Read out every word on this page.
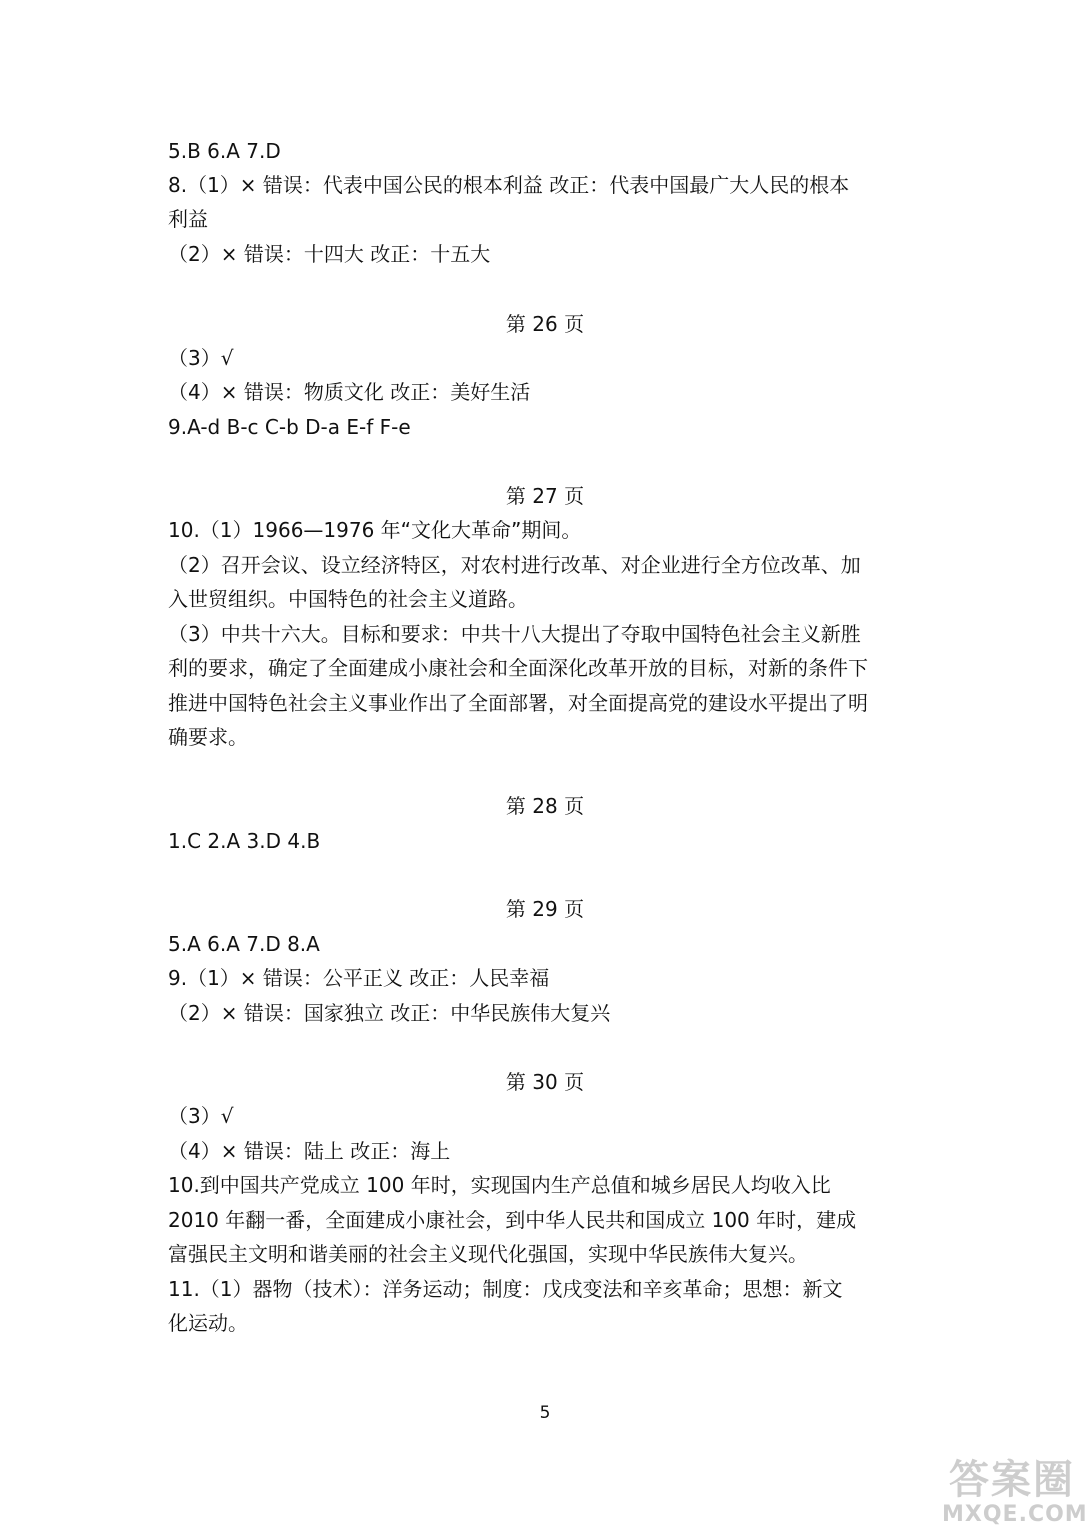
5.B 6.A 7.D
8.（1）× 错误：代表中国公民的根本利益 改正：代表中国最广大人民的根本
利益
（2）× 错误：十四大 改正：十五大
第 26 页
（3）√
（4）× 错误：物质文化 改正：美好生活
9.A-d B-c C-b D-a E-f F-e
第 27 页
10.（1）1966—1976 年“文化大革命”期间。
（2）召开会议、设立经济特区，对农村进行改革、对企业进行全方位改革、加
入世贸组织。中国特色的社会主义道路。
（3）中共十六大。目标和要求：中共十八大提出了夺取中国特色社会主义新胜
利的要求，确定了全面建成小康社会和全面深化改革开放的目标，对新的条件下
推进中国特色社会主义事业作出了全面部署，对全面提高党的建设水平提出了明
确要求。
第 28 页
1.C 2.A 3.D 4.B
第 29 页
5.A 6.A 7.D 8.A
9.（1）× 错误：公平正义 改正：人民幸福
（2）× 错误：国家独立 改正：中华民族伟大复兴
第 30 页
（3）√
（4）× 错误：陆上 改正：海上
10.到中国共产党成立 100 年时，实现国内生产总值和城乡居民人均收入比
2010 年翻一番，全面建成小康社会，到中华人民共和国成立 100 年时，建成
富强民主文明和谐美丽的社会主义现代化强国，实现中华民族伟大复兴。
11.（1）器物（技术）：洋务运动；制度：戊戌变法和辛亥革命；思想：新文
化运动。
5
答案圈
MXQE.COM
